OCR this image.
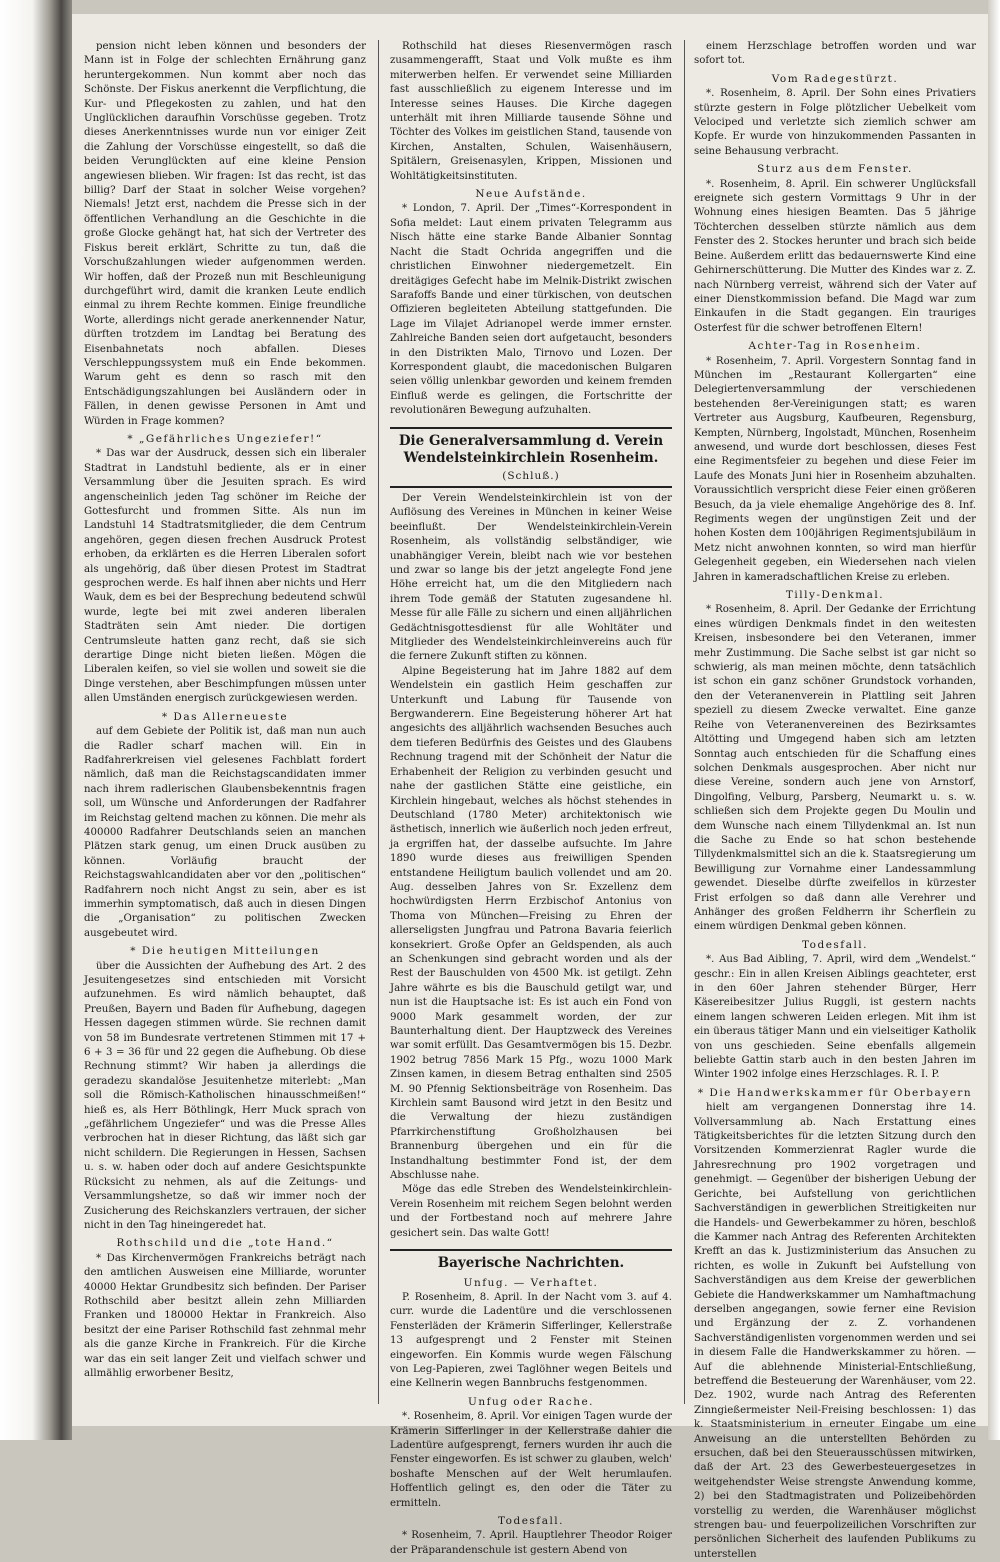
pension nicht leben können und besonders der Mann ist in Folge der schlechten Ernährung ganz heruntergekommen. Nun kommt aber noch das Schönste. Der Fiskus anerkennt die Verpflichtung, die Kur- und Pflegekosten zu zahlen, und hat den Unglücklichen daraufhin Vorschüsse gegeben. Trotz dieses Anerkenntnisses wurde nun vor einiger Zeit die Zahlung der Vorschüsse eingestellt, so daß die beiden Verunglückten auf eine kleine Pension angewiesen blieben. Wir fragen: Ist das recht, ist das billig? Darf der Staat in solcher Weise vorgehen? Niemals! Jetzt erst, nachdem die Presse sich in der öffentlichen Verhandlung an die Geschichte in die große Glocke gehängt hat, hat sich der Vertreter des Fiskus bereit erklärt, Schritte zu tun, daß die Vorschußzahlungen wieder aufgenommen werden. Wir hoffen, daß der Prozeß nun mit Beschleunigung durchgeführt wird, damit die kranken Leute endlich einmal zu ihrem Rechte kommen. Einige freundliche Worte, allerdings nicht gerade anerkennender Natur, dürften trotzdem im Landtag bei Beratung des Eisenbahnetats noch abfallen. Dieses Verschleppungssystem muß ein Ende bekommen. Warum geht es denn so rasch mit den Entschädigungszahlungen bei Ausländern oder in Fällen, in denen gewisse Personen in Amt und Würden in Frage kommen?

* „Gefährliches Ungeziefer!“

* Das war der Ausdruck, dessen sich ein liberaler Stadtrat in Landstuhl bediente, als er in einer Versammlung über die Jesuiten sprach. Es wird angenscheinlich jeden Tag schöner im Reiche der Gottesfurcht und frommen Sitte. Als nun im Landstuhl 14 Stadtratsmitglieder, die dem Centrum angehören, gegen diesen frechen Ausdruck Protest erhoben, da erklärten es die Herren Liberalen sofort als ungehörig, daß über diesen Protest im Stadtrat gesprochen werde. Es half ihnen aber nichts und Herr Wauk, dem es bei der Besprechung bedeutend schwül wurde, legte bei mit zwei anderen liberalen Stadträten sein Amt nieder. Die dortigen Centrumsleute hatten ganz recht, daß sie sich derartige Dinge nicht bieten ließen. Mögen die Liberalen keifen, so viel sie wollen und soweit sie die Dinge verstehen, aber Beschimpfungen müssen unter allen Umständen energisch zurückgewiesen werden.

* Das Allerneueste

auf dem Gebiete der Politik ist, daß man nun auch die Radler scharf machen will. Ein in Radfahrerkreisen viel gelesenes Fachblatt fordert nämlich, daß man die Reichstagscandidaten immer nach ihrem radlerischen Glaubensbekenntnis fragen soll, um Wünsche und Anforderungen der Radfahrer im Reichstag geltend machen zu können. Die mehr als 400000 Radfahrer Deutschlands seien an manchen Plätzen stark genug, um einen Druck ausüben zu können. Vorläufig braucht der Reichstagswahlcandidaten aber vor den „politischen“ Radfahrern noch nicht Angst zu sein, aber es ist immerhin symptomatisch, daß auch in diesen Dingen die „Organisation“ zu politischen Zwecken ausgebeutet wird.

* Die heutigen Mitteilungen

über die Aussichten der Aufhebung des Art. 2 des Jesuitengesetzes sind entschieden mit Vorsicht aufzunehmen. Es wird nämlich behauptet, daß Preußen, Bayern und Baden für Aufhebung, dagegen Hessen dagegen stimmen würde. Sie rechnen damit von 58 im Bundesrate vertretenen Stimmen mit 17 + 6 + 3 = 36 für und 22 gegen die Aufhebung. Ob diese Rechnung stimmt? Wir haben ja allerdings die geradezu skandalöse Jesuitenhetze miterlebt: „Man soll die Römisch-Katholischen hinausschmeißen!“ hieß es, als Herr Böthlingk, Herr Muck sprach von „gefährlichem Ungeziefer“ und was die Presse Alles verbrochen hat in dieser Richtung, das läßt sich gar nicht schildern. Die Regierungen in Hessen, Sachsen u. s. w. haben oder doch auf andere Gesichtspunkte Rücksicht zu nehmen, als auf die Zeitungs- und Versammlungshetze, so daß wir immer noch der Zusicherung des Reichskanzlers vertrauen, der sicher nicht in den Tag hineingeredet hat.

Rothschild und die „tote Hand.“

* Das Kirchenvermögen Frankreichs beträgt nach den amtlichen Ausweisen eine Milliarde, worunter 40000 Hektar Grundbesitz sich befinden. Der Pariser Rothschild aber besitzt allein zehn Milliarden Franken und 180000 Hektar in Frankreich. Also besitzt der eine Pariser Rothschild fast zehnmal mehr als die ganze Kirche in Frankreich. Für die Kirche war das ein seit langer Zeit und vielfach schwer und allmählig erworbener Besitz,

Rothschild hat dieses Riesenvermögen rasch zusammengerafft, Staat und Volk mußte es ihm miterwerben helfen. Er verwendet seine Milliarden fast ausschließlich zu eigenem Interesse und im Interesse seines Hauses. Die Kirche dagegen unterhält mit ihren Milliarde tausende Söhne und Töchter des Volkes im geistlichen Stand, tausende von Kirchen, Anstalten, Schulen, Waisenhäusern, Spitälern, Greisenasylen, Krippen, Missionen und Wohltätigkeitsinstituten.

Neue Aufstände.

* London, 7. April. Der „Times“-Korrespondent in Sofia meldet: Laut einem privaten Telegramm aus Nisch hätte eine starke Bande Albanier Sonntag Nacht die Stadt Ochrida angegriffen und die christlichen Einwohner niedergemetzelt. Ein dreitägiges Gefecht habe im Melnik-Distrikt zwischen Sarafoffs Bande und einer türkischen, von deutschen Offizieren begleiteten Abteilung stattgefunden. Die Lage im Vilajet Adrianopel werde immer ernster. Zahlreiche Banden seien dort aufgetaucht, besonders in den Distrikten Malo, Tirnovo und Lozen. Der Korrespondent glaubt, die macedonischen Bulgaren seien völlig unlenkbar geworden und keinem fremden Einfluß werde es gelingen, die Fortschritte der revolutionären Bewegung aufzuhalten.

Die Generalversammlung d. Verein Wendelsteinkirchlein Rosenheim.
(Schluß.)

Der Verein Wendelsteinkirchlein ist von der Auflösung des Vereines in München in keiner Weise beeinflußt. Der Wendelsteinkirchlein-Verein Rosenheim, als vollständig selbständiger, wie unabhängiger Verein, bleibt nach wie vor bestehen und zwar so lange bis der jetzt angelegte Fond jene Höhe erreicht hat, um die den Mitgliedern nach ihrem Tode gemäß der Statuten zugesandene hl. Messe für alle Fälle zu sichern und einen alljährlichen Gedächtnisgottesdienst für alle Wohltäter und Mitglieder des Wendelsteinkirchleinvereins auch für die fernere Zukunft stiften zu können.

Alpine Begeisterung hat im Jahre 1882 auf dem Wendelstein ein gastlich Heim geschaffen zur Unterkunft und Labung für Tausende von Bergwanderern. Eine Begeisterung höherer Art hat angesichts des alljährlich wachsenden Besuches auch dem tieferen Bedürfnis des Geistes und des Glaubens Rechnung tragend mit der Schönheit der Natur die Erhabenheit der Religion zu verbinden gesucht und nahe der gastlichen Stätte eine geistliche, ein Kirchlein hingebaut, welches als höchst stehendes in Deutschland (1780 Meter) architektonisch wie ästhetisch, innerlich wie äußerlich noch jeden erfreut, ja ergriffen hat, der dasselbe aufsuchte. Im Jahre 1890 wurde dieses aus freiwilligen Spenden entstandene Heiligtum baulich vollendet und am 20. Aug. desselben Jahres von Sr. Exzellenz dem hochwürdigsten Herrn Erzbischof Antonius von Thoma von München—Freising zu Ehren der allerseligsten Jungfrau und Patrona Bavaria feierlich konsekriert. Große Opfer an Geldspenden, als auch an Schenkungen sind gebracht worden und als der Rest der Bauschulden von 4500 Mk. ist getilgt. Zehn Jahre währte es bis die Bauschuld getilgt war, und nun ist die Hauptsache ist: Es ist auch ein Fond von 9000 Mark gesammelt worden, der zur Baunterhaltung dient. Der Hauptzweck des Vereines war somit erfüllt. Das Gesamtvermögen bis 15. Dezbr. 1902 betrug 7856 Mark 15 Pfg., wozu 1000 Mark Zinsen kamen, in diesem Betrag enthalten sind 2505 M. 90 Pfennig Sektionsbeiträge von Rosenheim. Das Kirchlein samt Bausond wird jetzt in den Besitz und die Verwaltung der hiezu zuständigen Pfarrkirchenstiftung Großholzhausen bei Brannenburg übergehen und ein für die Instandhaltung bestimmter Fond ist, der dem Abschlusse nahe.

Möge das edle Streben des Wendelsteinkirchlein-Verein Rosenheim mit reichem Segen belohnt werden und der Fortbestand noch auf mehrere Jahre gesichert sein. Das walte Gott!

Bayerische Nachrichten.
Unfug. — Verhaftet.

P. Rosenheim, 8. April. In der Nacht vom 3. auf 4. curr. wurde die Ladentüre und die verschlossenen Fensterläden der Krämerin Sifferlinger, Kellerstraße 13 aufgesprengt und 2 Fenster mit Steinen eingeworfen. Ein Kommis wurde wegen Fälschung von Leg-Papieren, zwei Taglöhner wegen Beitels und eine Kellnerin wegen Bannbruchs festgenommen.

Unfug oder Rache.

*. Rosenheim, 8. April. Vor einigen Tagen wurde der Krämerin Sifferlinger in der Kellerstraße dahier die Ladentüre aufgesprengt, ferners wurden ihr auch die Fenster eingeworfen. Es ist schwer zu glauben, welch' boshafte Menschen auf der Welt herumlaufen. Hoffentlich gelingt es, den oder die Täter zu ermitteln.

Todesfall.

* Rosenheim, 7. April. Hauptlehrer Theodor Roiger der Präparandenschule ist gestern Abend von

einem Herzschlage betroffen worden und war sofort tot.

Vom Radegestürzt.

*. Rosenheim, 8. April. Der Sohn eines Privatiers stürzte gestern in Folge plötzlicher Uebelkeit vom Velociped und verletzte sich ziemlich schwer am Kopfe. Er wurde von hinzukommenden Passanten in seine Behausung verbracht.

Sturz aus dem Fenster.

*. Rosenheim, 8. April. Ein schwerer Unglücksfall ereignete sich gestern Vormittags 9 Uhr in der Wohnung eines hiesigen Beamten. Das 5 jährige Töchterchen desselben stürzte nämlich aus dem Fenster des 2. Stockes herunter und brach sich beide Beine. Außerdem erlitt das bedauernswerte Kind eine Gehirnerschütterung. Die Mutter des Kindes war z. Z. nach Nürnberg verreist, während sich der Vater auf einer Dienstkommission befand. Die Magd war zum Einkaufen in die Stadt gegangen. Ein trauriges Osterfest für die schwer betroffenen Eltern!

Achter-Tag in Rosenheim.

* Rosenheim, 7. April. Vorgestern Sonntag fand in München im „Restaurant Kollergarten“ eine Delegiertenversammlung der verschiedenen bestehenden 8er-Vereinigungen statt; es waren Vertreter aus Augsburg, Kaufbeuren, Regensburg, Kempten, Nürnberg, Ingolstadt, München, Rosenheim anwesend, und wurde dort beschlossen, dieses Fest eine Regimentsfeier zu begehen und diese Feier im Laufe des Monats Juni hier in Rosenheim abzuhalten. Voraussichtlich verspricht diese Feier einen größeren Besuch, da ja viele ehemalige Angehörige des 8. Inf. Regiments wegen der ungünstigen Zeit und der hohen Kosten dem 100jährigen Regimentsjubiläum in Metz nicht anwohnen konnten, so wird man hierfür Gelegenheit gegeben, ein Wiedersehen nach vielen Jahren in kameradschaftlichen Kreise zu erleben.

Tilly-Denkmal.

* Rosenheim, 8. April. Der Gedanke der Errichtung eines würdigen Denkmals findet in den weitesten Kreisen, insbesondere bei den Veteranen, immer mehr Zustimmung. Die Sache selbst ist gar nicht so schwierig, als man meinen möchte, denn tatsächlich ist schon ein ganz schöner Grundstock vorhanden, den der Veteranenverein in Plattling seit Jahren speziell zu diesem Zwecke verwaltet. Eine ganze Reihe von Veteranenvereinen des Bezirksamtes Altötting und Umgegend haben sich am letzten Sonntag auch entschieden für die Schaffung eines solchen Denkmals ausgesprochen. Aber nicht nur diese Vereine, sondern auch jene von Arnstorf, Dingolfing, Velburg, Parsberg, Neumarkt u. s. w. schließen sich dem Projekte gegen Du Moulin und dem Wunsche nach einem Tillydenkmal an. Ist nun die Sache zu Ende so hat schon bestehende Tillydenkmalsmittel sich an die k. Staatsregierung um Bewilligung zur Vornahme einer Landessammlung gewendet. Dieselbe dürfte zweifellos in kürzester Frist erfolgen so daß dann alle Verehrer und Anhänger des großen Feldherrn ihr Scherflein zu einem würdigen Denkmal geben können.

Todesfall.

*. Aus Bad Aibling, 7. April, wird dem „Wendelst.“ geschr.: Ein in allen Kreisen Aiblings geachteter, erst in den 60er Jahren stehender Bürger, Herr Käsereibesitzer Julius Ruggli, ist gestern nachts einem langen schweren Leiden erlegen. Mit ihm ist ein überaus tätiger Mann und ein vielseitiger Katholik von uns geschieden. Seine ebenfalls allgemein beliebte Gattin starb auch in den besten Jahren im Winter 1902 infolge eines Herzschlages. R. I. P.

* Die Handwerkskammer für Oberbayern

hielt am vergangenen Donnerstag ihre 14. Vollversammlung ab. Nach Erstattung eines Tätigkeitsberichtes für die letzten Sitzung durch den Vorsitzenden Kommerzienrat Ragler wurde die Jahresrechnung pro 1902 vorgetragen und genehmigt. — Gegenüber der bisherigen Uebung der Gerichte, bei Aufstellung von gerichtlichen Sachverständigen in gewerblichen Streitigkeiten nur die Handels- und Gewerbekammer zu hören, beschloß die Kammer nach Antrag des Referenten Architekten Krefft an das k. Justizministerium das Ansuchen zu richten, es wolle in Zukunft bei Aufstellung von Sachverständigen aus dem Kreise der gewerblichen Gebiete die Handwerkskammer um Namhaftmachung derselben angegangen, sowie ferner eine Revision und Ergänzung der z. Z. vorhandenen Sachverständigenlisten vorgenommen werden und sei in diesem Falle die Handwerkskammer zu hören. — Auf die ablehnende Ministerial-Entschließung, betreffend die Besteuerung der Warenhäuser, vom 22. Dez. 1902, wurde nach Antrag des Referenten Zinngießermeister Neil-Freising beschlossen: 1) das k. Staatsministerium in erneuter Eingabe um eine Anweisung an die unterstellten Behörden zu ersuchen, daß bei den Steuerausschüssen mitwirken, daß der Art. 23 des Gewerbesteuergesetzes in weitgehendster Weise strengste Anwendung komme, 2) bei den Stadtmagistraten und Polizeibehörden vorstellig zu werden, die Warenhäuser möglichst strengen bau- und feuerpolizeilichen Vorschriften zur persönlichen Sicherheit des laufenden Publikums zu unterstellen
